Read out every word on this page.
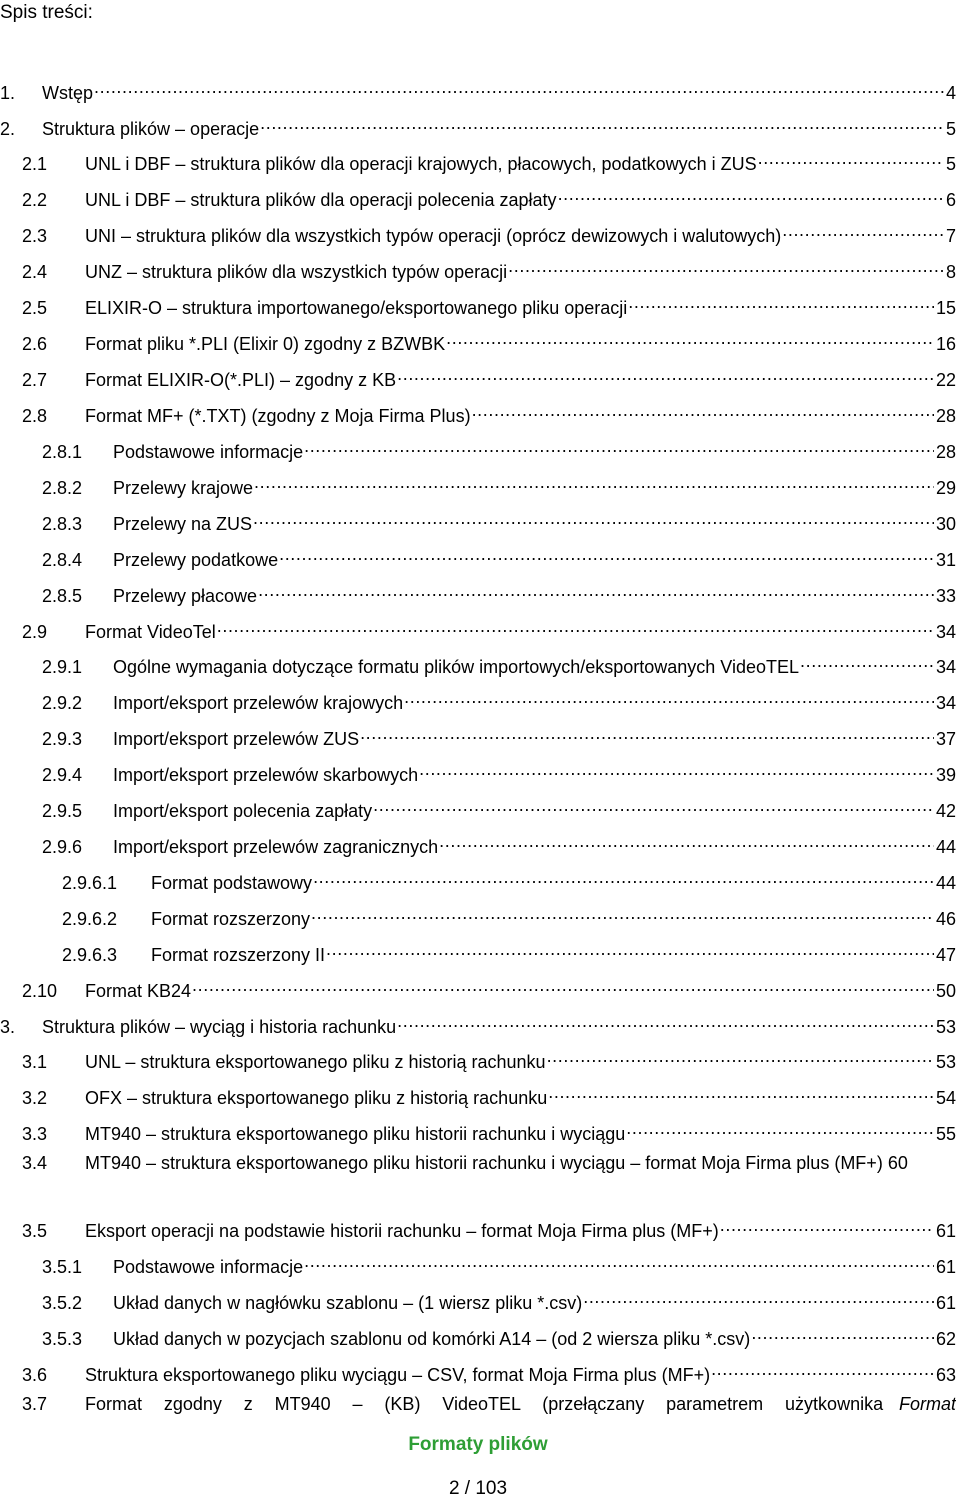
Spis treści:
1.	Wstęp . . .	4
2.	Struktura plików – operacje . . .	5
2.1	UNL i DBF – struktura plików dla operacji krajowych, płacowych, podatkowych i ZUS . . .	5
2.2	UNL i DBF – struktura plików dla operacji polecenia zapłaty . . .	6
2.3	UNI – struktura plików dla wszystkich typów operacji (oprócz dewizowych i walutowych) . . .	7
2.4	UNZ – struktura plików dla wszystkich typów operacji . . .	8
2.5	ELIXIR-O – struktura importowanego/eksportowanego pliku operacji . . .	15
2.6	Format pliku *.PLI (Elixir 0) zgodny z BZWBK . . .	16
2.7	Format ELIXIR-O(*.PLI) – zgodny z KB . . .	22
2.8	Format MF+ (*.TXT) (zgodny z Moja Firma Plus) . . .	28
2.8.1	Podstawowe informacje . . .	28
2.8.2	Przelewy krajowe . . .	29
2.8.3	Przelewy na ZUS . . .	30
2.8.4	Przelewy podatkowe . . .	31
2.8.5	Przelewy płacowe . . .	33
2.9	Format VideoTel . . .	34
2.9.1	Ogólne wymagania dotyczące formatu plików importowych/eksportowanych VideoTEL . . .	34
2.9.2	Import/eksport przelewów krajowych . . .	34
2.9.3	Import/eksport przelewów ZUS . . .	37
2.9.4	Import/eksport przelewów skarbowych . . .	39
2.9.5	Import/eksport polecenia zapłaty . . .	42
2.9.6	Import/eksport przelewów zagranicznych . . .	44
2.9.6.1	Format podstawowy . . .	44
2.9.6.2	Format rozszerzony . . .	46
2.9.6.3	Format rozszerzony II . . .	47
2.10	Format KB24 . . .	50
3.	Struktura plików – wyciąg i historia rachunku . . .	53
3.1	UNL – struktura eksportowanego pliku z historią rachunku . . .	53
3.2	OFX – struktura eksportowanego pliku z historią rachunku . . .	54
3.3	MT940 – struktura eksportowanego pliku historii rachunku i wyciągu . . .	55
3.4 MT940 – struktura eksportowanego pliku historii rachunku i wyciągu – format Moja Firma plus (MF+) 60
3.5	Eksport operacji na podstawie historii rachunku – format Moja Firma plus (MF+) . . .	61
3.5.1	Podstawowe informacje . . .	61
3.5.2	Układ danych w nagłówku szablonu – (1 wiersz pliku *.csv) . . .	61
3.5.3	Układ danych w pozycjach szablonu od komórki A14 – (od 2 wiersza pliku *.csv) . . .	62
3.6	Struktura eksportowanego pliku wyciągu – CSV, format Moja Firma plus (MF+) . . .	63
3.7 Format zgodny z MT940 – (KB) VideoTEL (przełączany parametrem użytkownika Format
Formaty plików
2 / 103
